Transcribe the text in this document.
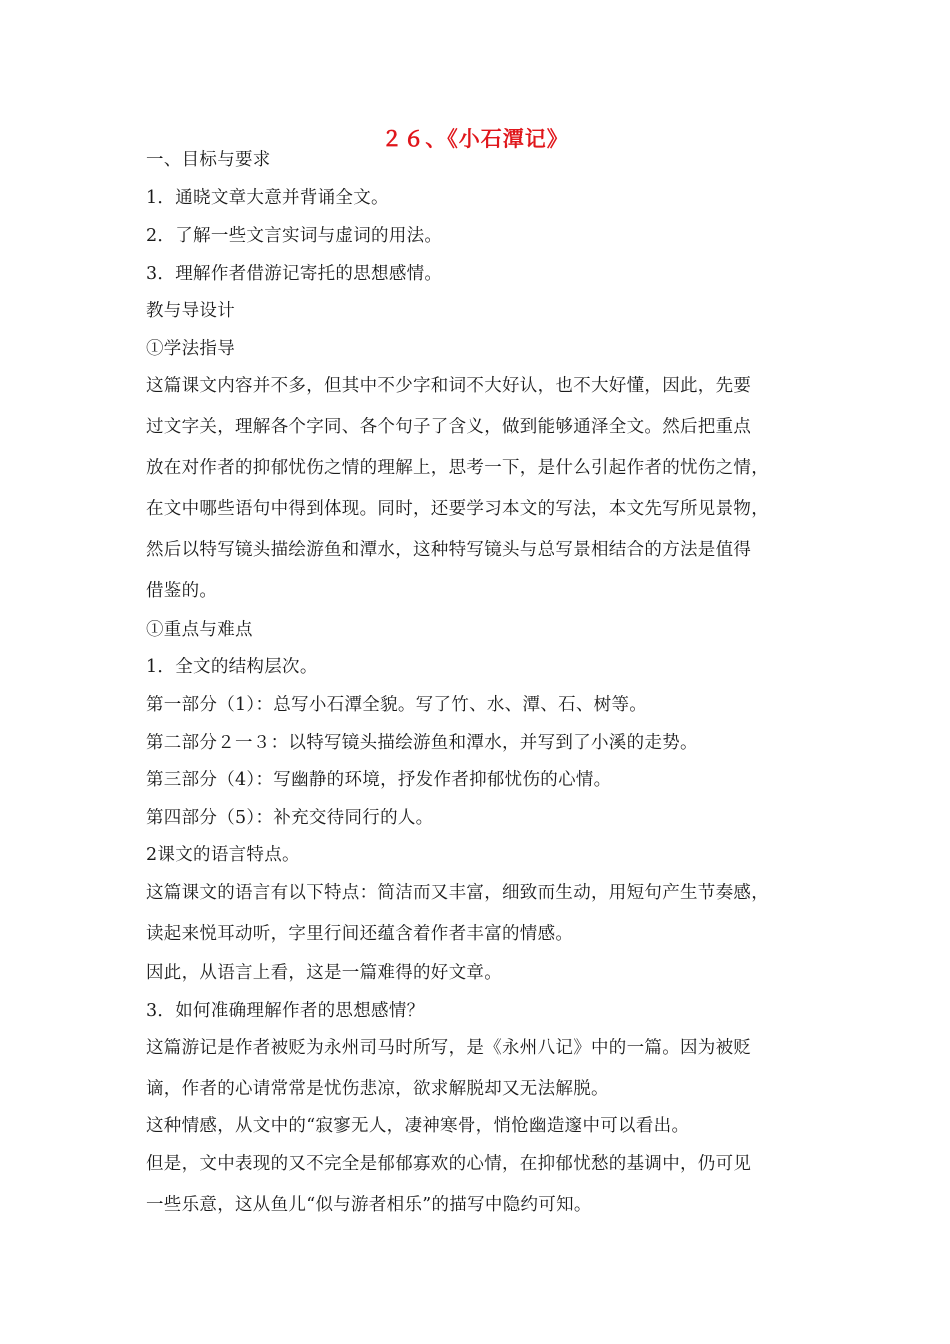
２６、《小石潭记》
一、目标与要求
1．通晓文章大意并背诵全文。
2．了解一些文言实词与虚词的用法。
3．理解作者借游记寄托的思想感情。
教与导设计
①学法指导
这篇课文内容并不多，但其中不少字和词不大好认，也不大好懂，因此，先要
过文字关，理解各个字同、各个句子了含义，做到能够通泽全文。然后把重点
放在对作者的抑郁忧伤之情的理解上，思考一下，是什么引起作者的忧伤之情，
在文中哪些语句中得到体现。同时，还要学习本文的写法，本文先写所见景物，
然后以特写镜头描绘游鱼和潭水，这种特写镜头与总写景相结合的方法是值得
借鉴的。
①重点与难点
1．全文的结构层次。
第一部分（1）：总写小石潭全貌。写了竹、水、潭、石、树等。
第二部分２一３：以特写镜头描绘游鱼和潭水，并写到了小溪的走势。
第三部分（4）：写幽静的环境，抒发作者抑郁忧伤的心情。
第四部分（5）：补充交待同行的人。
2课文的语言特点。
这篇课文的语言有以下特点：简洁而又丰富，细致而生动，用短句产生节奏感，
读起来悦耳动听，字里行间还蕴含着作者丰富的情感。
因此，从语言上看，这是一篇难得的好文章。
3．如何准确理解作者的思想感情？
这篇游记是作者被贬为永州司马时所写，是《永州八记》中的一篇。因为被贬
谪，作者的心请常常是忧伤悲凉，欲求解脱却又无法解脱。
这种情感，从文中的“寂寥无人，凄神寒骨，悄怆幽造邃中可以看出。
但是，文中表现的又不完全是郁郁寡欢的心情，在抑郁忧愁的基调中，仍可见
一些乐意，这从鱼儿“似与游者相乐”的描写中隐约可知。
